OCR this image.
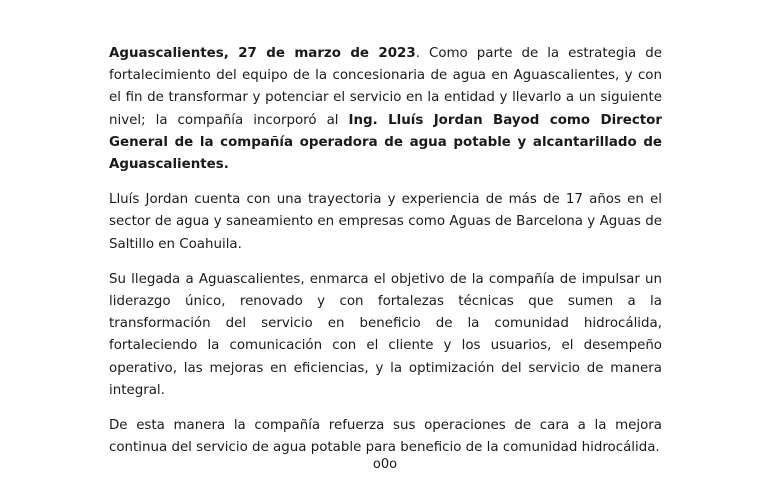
Aguascalientes, 27 de marzo de 2023. Como parte de la estrategia de fortalecimiento del equipo de la concesionaria de agua en Aguascalientes, y con el fin de transformar y potenciar el servicio en la entidad y llevarlo a un siguiente nivel; la compañía incorporó al Ing. Lluís Jordan Bayod como Director General de la compañía operadora de agua potable y alcantarillado de Aguascalientes.

Lluís Jordan cuenta con una trayectoria y experiencia de más de 17 años en el sector de agua y saneamiento en empresas como Aguas de Barcelona y Aguas de Saltillo en Coahuila.

Su llegada a Aguascalientes, enmarca el objetivo de la compañía de impulsar un liderazgo único, renovado y con fortalezas técnicas que sumen a la transformación del servicio en beneficio de la comunidad hidrocálida, fortaleciendo la comunicación con el cliente y los usuarios, el desempeño operativo, las mejoras en eficiencias, y la optimización del servicio de manera integral.

De esta manera la compañía refuerza sus operaciones de cara a la mejora continua del servicio de agua potable para beneficio de la comunidad hidrocálida.

o0o
